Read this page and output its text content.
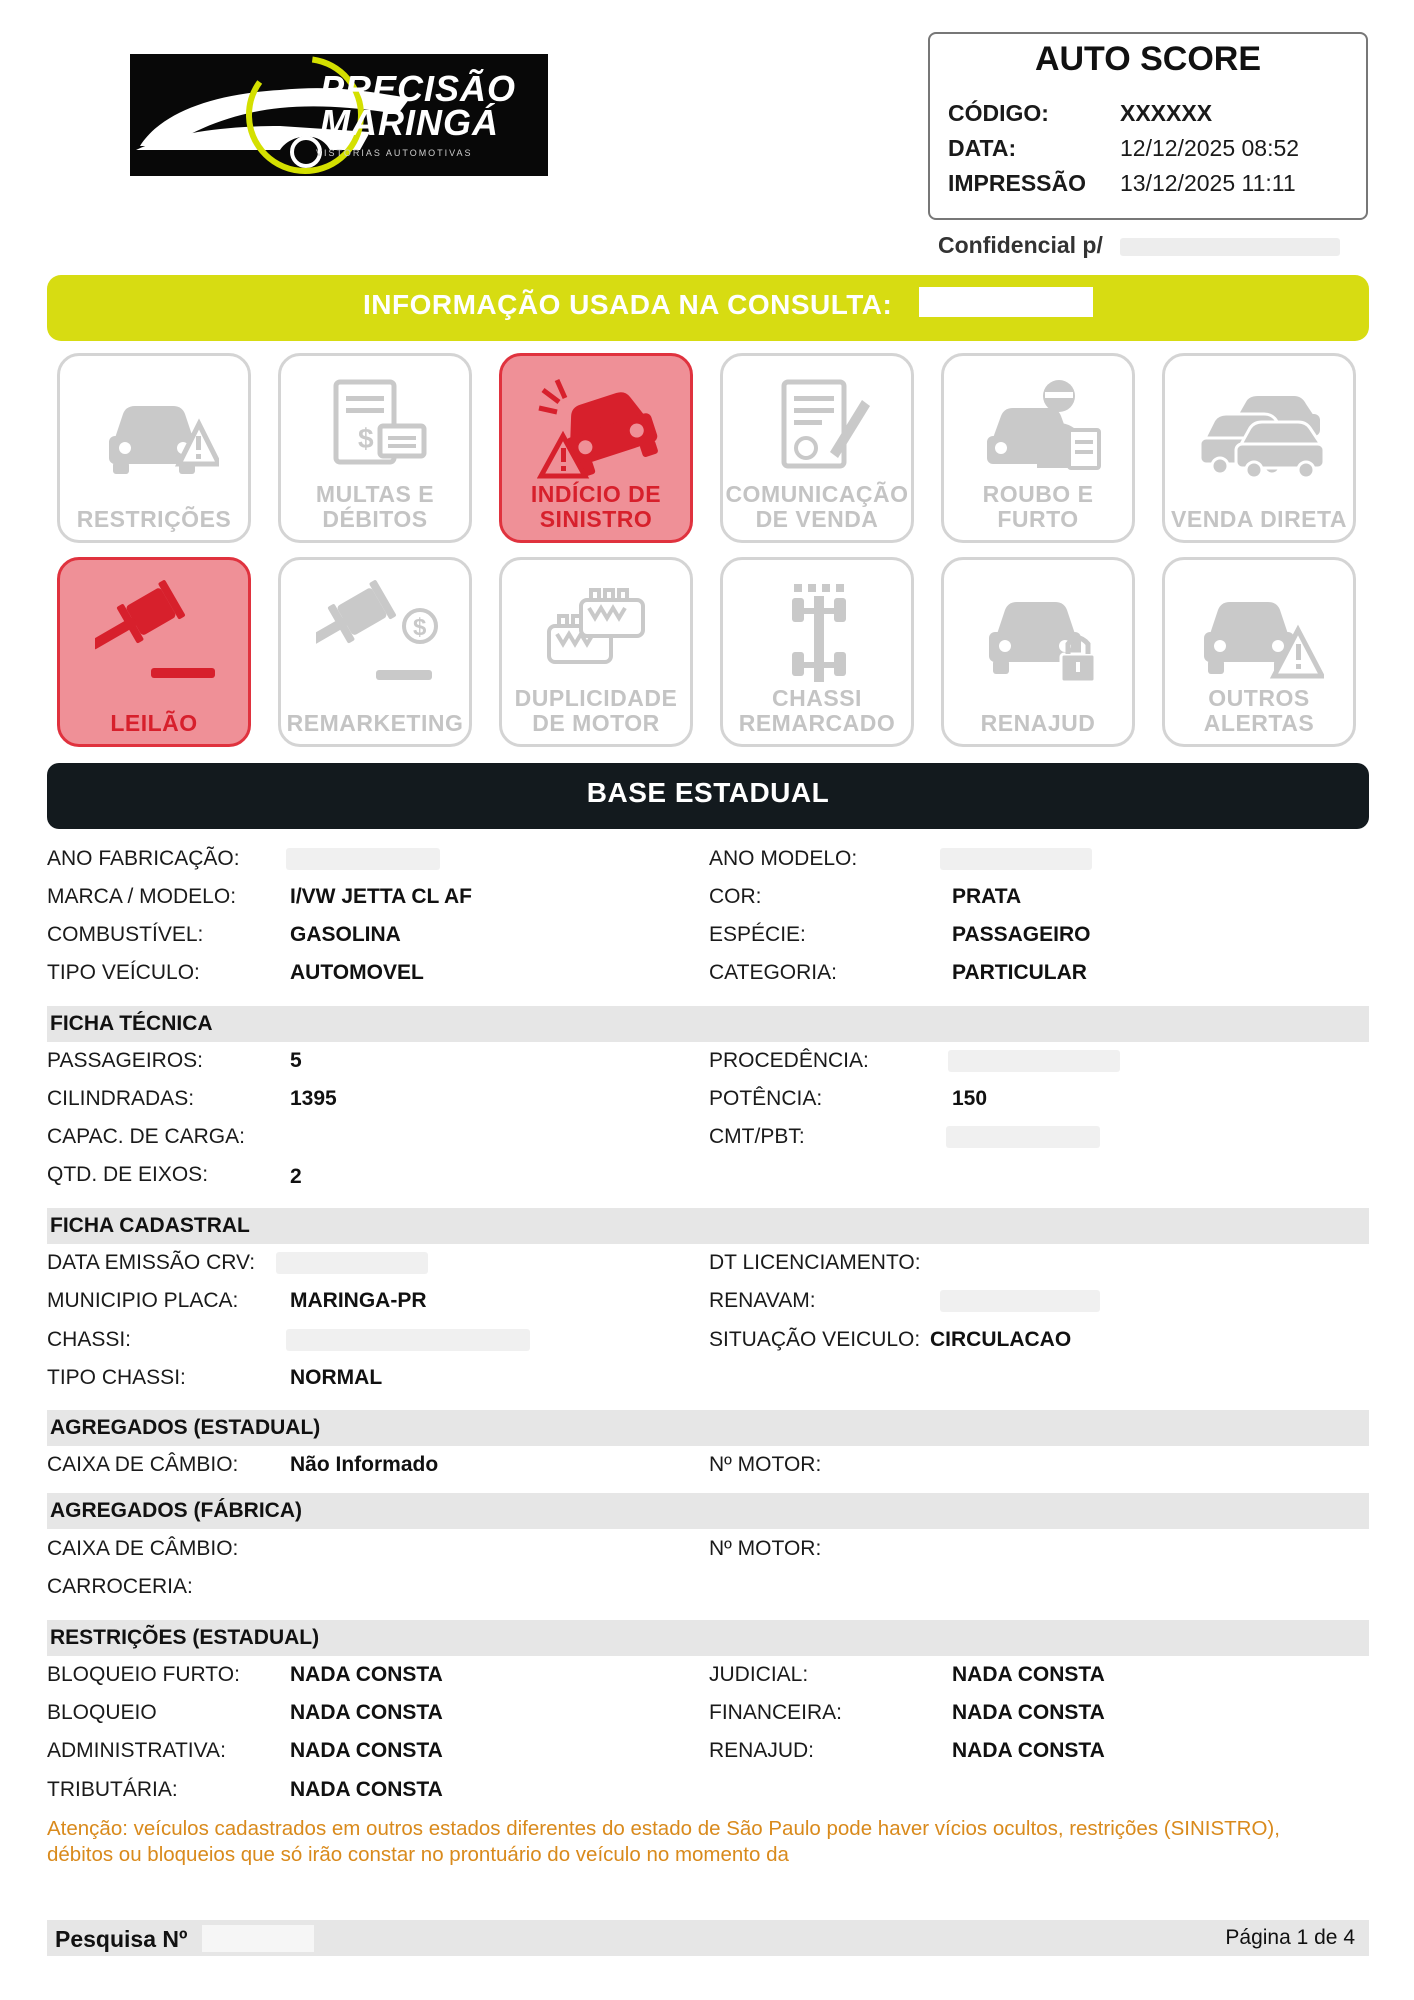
PRECISÃO
MARINGÁ
VISTORIAS AUTOMOTIVAS
AUTO SCORE
CÓDIGO:	XXXXXX
DATA:	12/12/2025 08:52
IMPRESSÃO	13/12/2025 11:11
Confidencial p/
INFORMAÇÃO USADA NA CONSULTA:
RESTRIÇÕES
$
MULTAS E
DÉBITOS
INDÍCIO DE
SINISTRO
COMUNICAÇÃO
DE VENDA
ROUBO E
FURTO	VENDA DIRETA
LEILÃO
$
REMARKETING
DUPLICIDADE
DE MOTOR
CHASSI
REMARCADO	RENAJUD
OUTROS
ALERTAS
BASE ESTADUAL
ANO FABRICAÇÃO:	ANO MODELO:
MARCA / MODELO:	I/VW JETTA CL AF	COR:	PRATA
COMBUSTÍVEL:	GASOLINA	ESPÉCIE:	PASSAGEIRO
TIPO VEÍCULO:	AUTOMOVEL	CATEGORIA:	PARTICULAR
FICHA TÉCNICA
PASSAGEIROS:	5	PROCEDÊNCIA:
CILINDRADAS:	1395	POTÊNCIA:	150
CAPAC. DE CARGA:	CMT/PBT:
QTD. DE EIXOS:	2
FICHA CADASTRAL
DATA EMISSÃO CRV:	DT LICENCIAMENTO:
MUNICIPIO PLACA: MARINGA-PR	RENAVAM:
CHASSI:	SITUAÇÃO VEICULO: CIRCULACAO
TIPO CHASSI:	NORMAL
AGREGADOS (ESTADUAL)
CAIXA DE CÂMBIO: Não Informado	Nº MOTOR:
AGREGADOS (FÁBRICA)
CAIXA DE CÂMBIO:	Nº MOTOR:
CARROCERIA:
RESTRIÇÕES (ESTADUAL)
BLOQUEIO FURTO: NADA CONSTA	JUDICIAL:	NADA CONSTA
BLOQUEIO	NADA CONSTA	FINANCEIRA:	NADA CONSTA
ADMINISTRATIVA:	NADA CONSTA	RENAJUD:	NADA CONSTA
TRIBUTÁRIA:	NADA CONSTA
Atenção: veículos cadastrados em outros estados diferentes do estado de São Paulo pode haver vícios ocultos, restrições (SINISTRO), débitos ou bloqueios que só irão constar no prontuário do veículo no momento da
Pesquisa Nº	Página 1 de 4
